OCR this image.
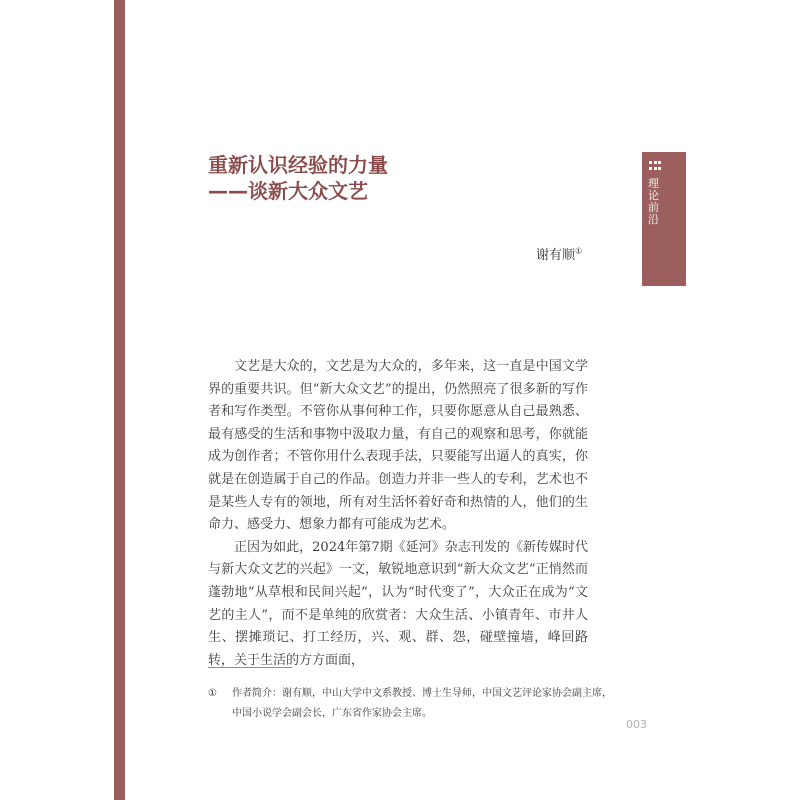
理论前沿
重新认识经验的力量
——谈新大众文艺
谢有顺①

文艺是大众的，文艺是为大众的，多年来，这一直是中国文学界的重要共识。但“新大众文艺”的提出，仍然照亮了很多新的写作者和写作类型。不管你从事何种工作，只要你愿意从自己最熟悉、最有感受的生活和事物中汲取力量，有自己的观察和思考，你就能成为创作者；不管你用什么表现手法，只要能写出逼人的真实，你就是在创造属于自己的作品。创造力并非一些人的专利，艺术也不是某些人专有的领地，所有对生活怀着好奇和热情的人，他们的生命力、感受力、想象力都有可能成为艺术。

正因为如此，2024年第7期《延河》杂志刊发的《新传媒时代与新大众文艺的兴起》一文，敏锐地意识到“新大众文艺”正悄然而蓬勃地“从草根和民间兴起”，认为“时代变了”，大众正在成为“文艺的主人”，而不是单纯的欣赏者：大众生活、小镇青年、市井人生、摆摊琐记、打工经历，兴、观、群、怨，碰壁撞墙，峰回路转，关于生活的方方面面，

① 作者简介：谢有顺，中山大学中文系教授、博士生导师，中国文艺评论家协会副主席，中国小说学会副会长，广东省作家协会主席。
003
